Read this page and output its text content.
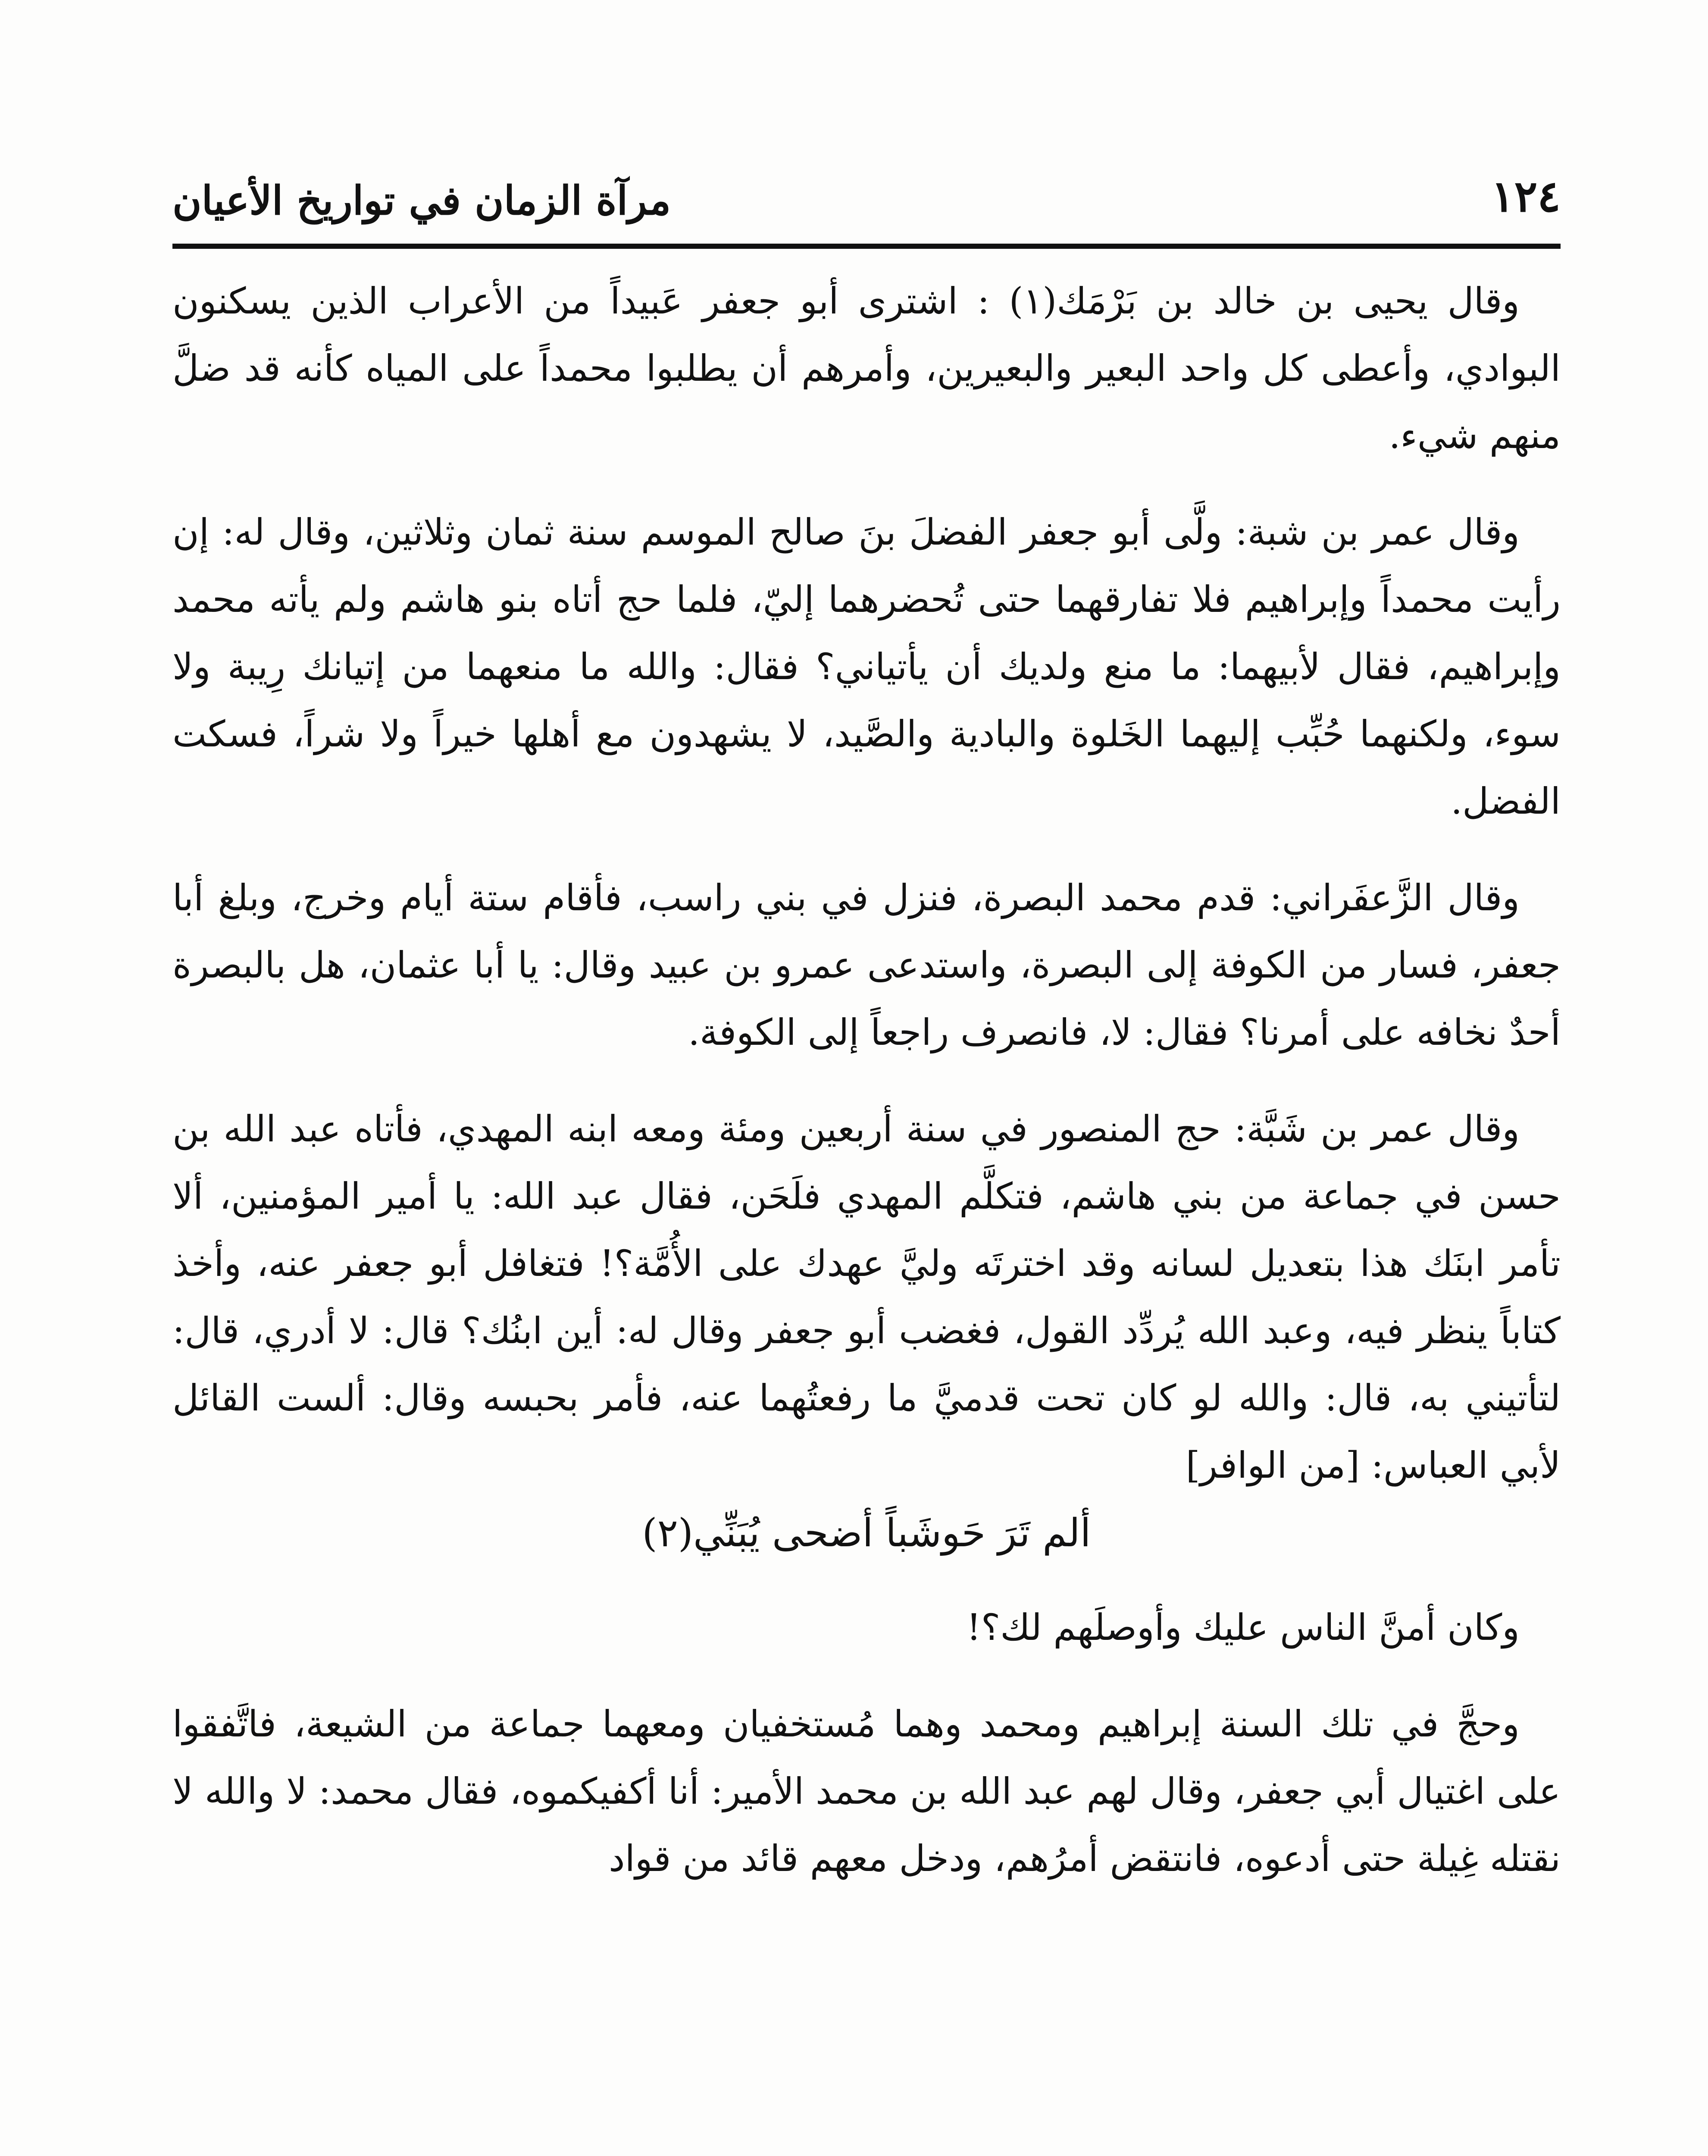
١٢٤
مرآة الزمان في تواريخ الأعيان

وقال يحيى بن خالد بن بَرْمَك(١) : اشترى أبو جعفر عَبيداً من الأعراب الذين يسكنون البوادي، وأعطى كل واحد البعير والبعيرين، وأمرهم أن يطلبوا محمداً على المياه كأنه قد ضلَّ منهم شيء.

وقال عمر بن شبة: ولَّى أبو جعفر الفضلَ بنَ صالح الموسم سنة ثمان وثلاثين، وقال له: إن رأيت محمداً وإبراهيم فلا تفارقهما حتى تُحضرهما إليّ، فلما حج أتاه بنو هاشم ولم يأته محمد وإبراهيم، فقال لأبيهما: ما منع ولديك أن يأتياني؟ فقال: والله ما منعهما من إتيانك رِيبة ولا سوء، ولكنهما حُبِّب إليهما الخَلوة والبادية والصَّيد، لا يشهدون مع أهلها خيراً ولا شراً، فسكت الفضل.

وقال الزَّعفَراني: قدم محمد البصرة، فنزل في بني راسب، فأقام ستة أيام وخرج، وبلغ أبا جعفر، فسار من الكوفة إلى البصرة، واستدعى عمرو بن عبيد وقال: يا أبا عثمان، هل بالبصرة أحدٌ نخافه على أمرنا؟ فقال: لا، فانصرف راجعاً إلى الكوفة.

وقال عمر بن شَبَّة: حج المنصور في سنة أربعين ومئة ومعه ابنه المهدي، فأتاه عبد الله بن حسن في جماعة من بني هاشم، فتكلَّم المهدي فلَحَن، فقال عبد الله: يا أمير المؤمنين، ألا تأمر ابنَك هذا بتعديل لسانه وقد اخترتَه وليَّ عهدك على الأُمَّة؟! فتغافل أبو جعفر عنه، وأخذ كتاباً ينظر فيه، وعبد الله يُردِّد القول، فغضب أبو جعفر وقال له: أين ابنُك؟ قال: لا أدري، قال: لتأتيني به، قال: والله لو كان تحت قدميَّ ما رفعتُهما عنه، فأمر بحبسه وقال: ألست القائل لأبي العباس: [من الوافر]

ألم تَرَ حَوشَباً أضحى يُبَنِّي(٢)

وكان أمنَّ الناس عليك وأوصلَهم لك؟!

وحجَّ في تلك السنة إبراهيم ومحمد وهما مُستخفيان ومعهما جماعة من الشيعة، فاتَّفقوا على اغتيال أبي جعفر، وقال لهم عبد الله بن محمد الأمير: أنا أكفيكموه، فقال محمد: لا والله لا نقتله غِيلة حتى أدعوه، فانتقض أمرُهم، ودخل معهم قائد من قواد
